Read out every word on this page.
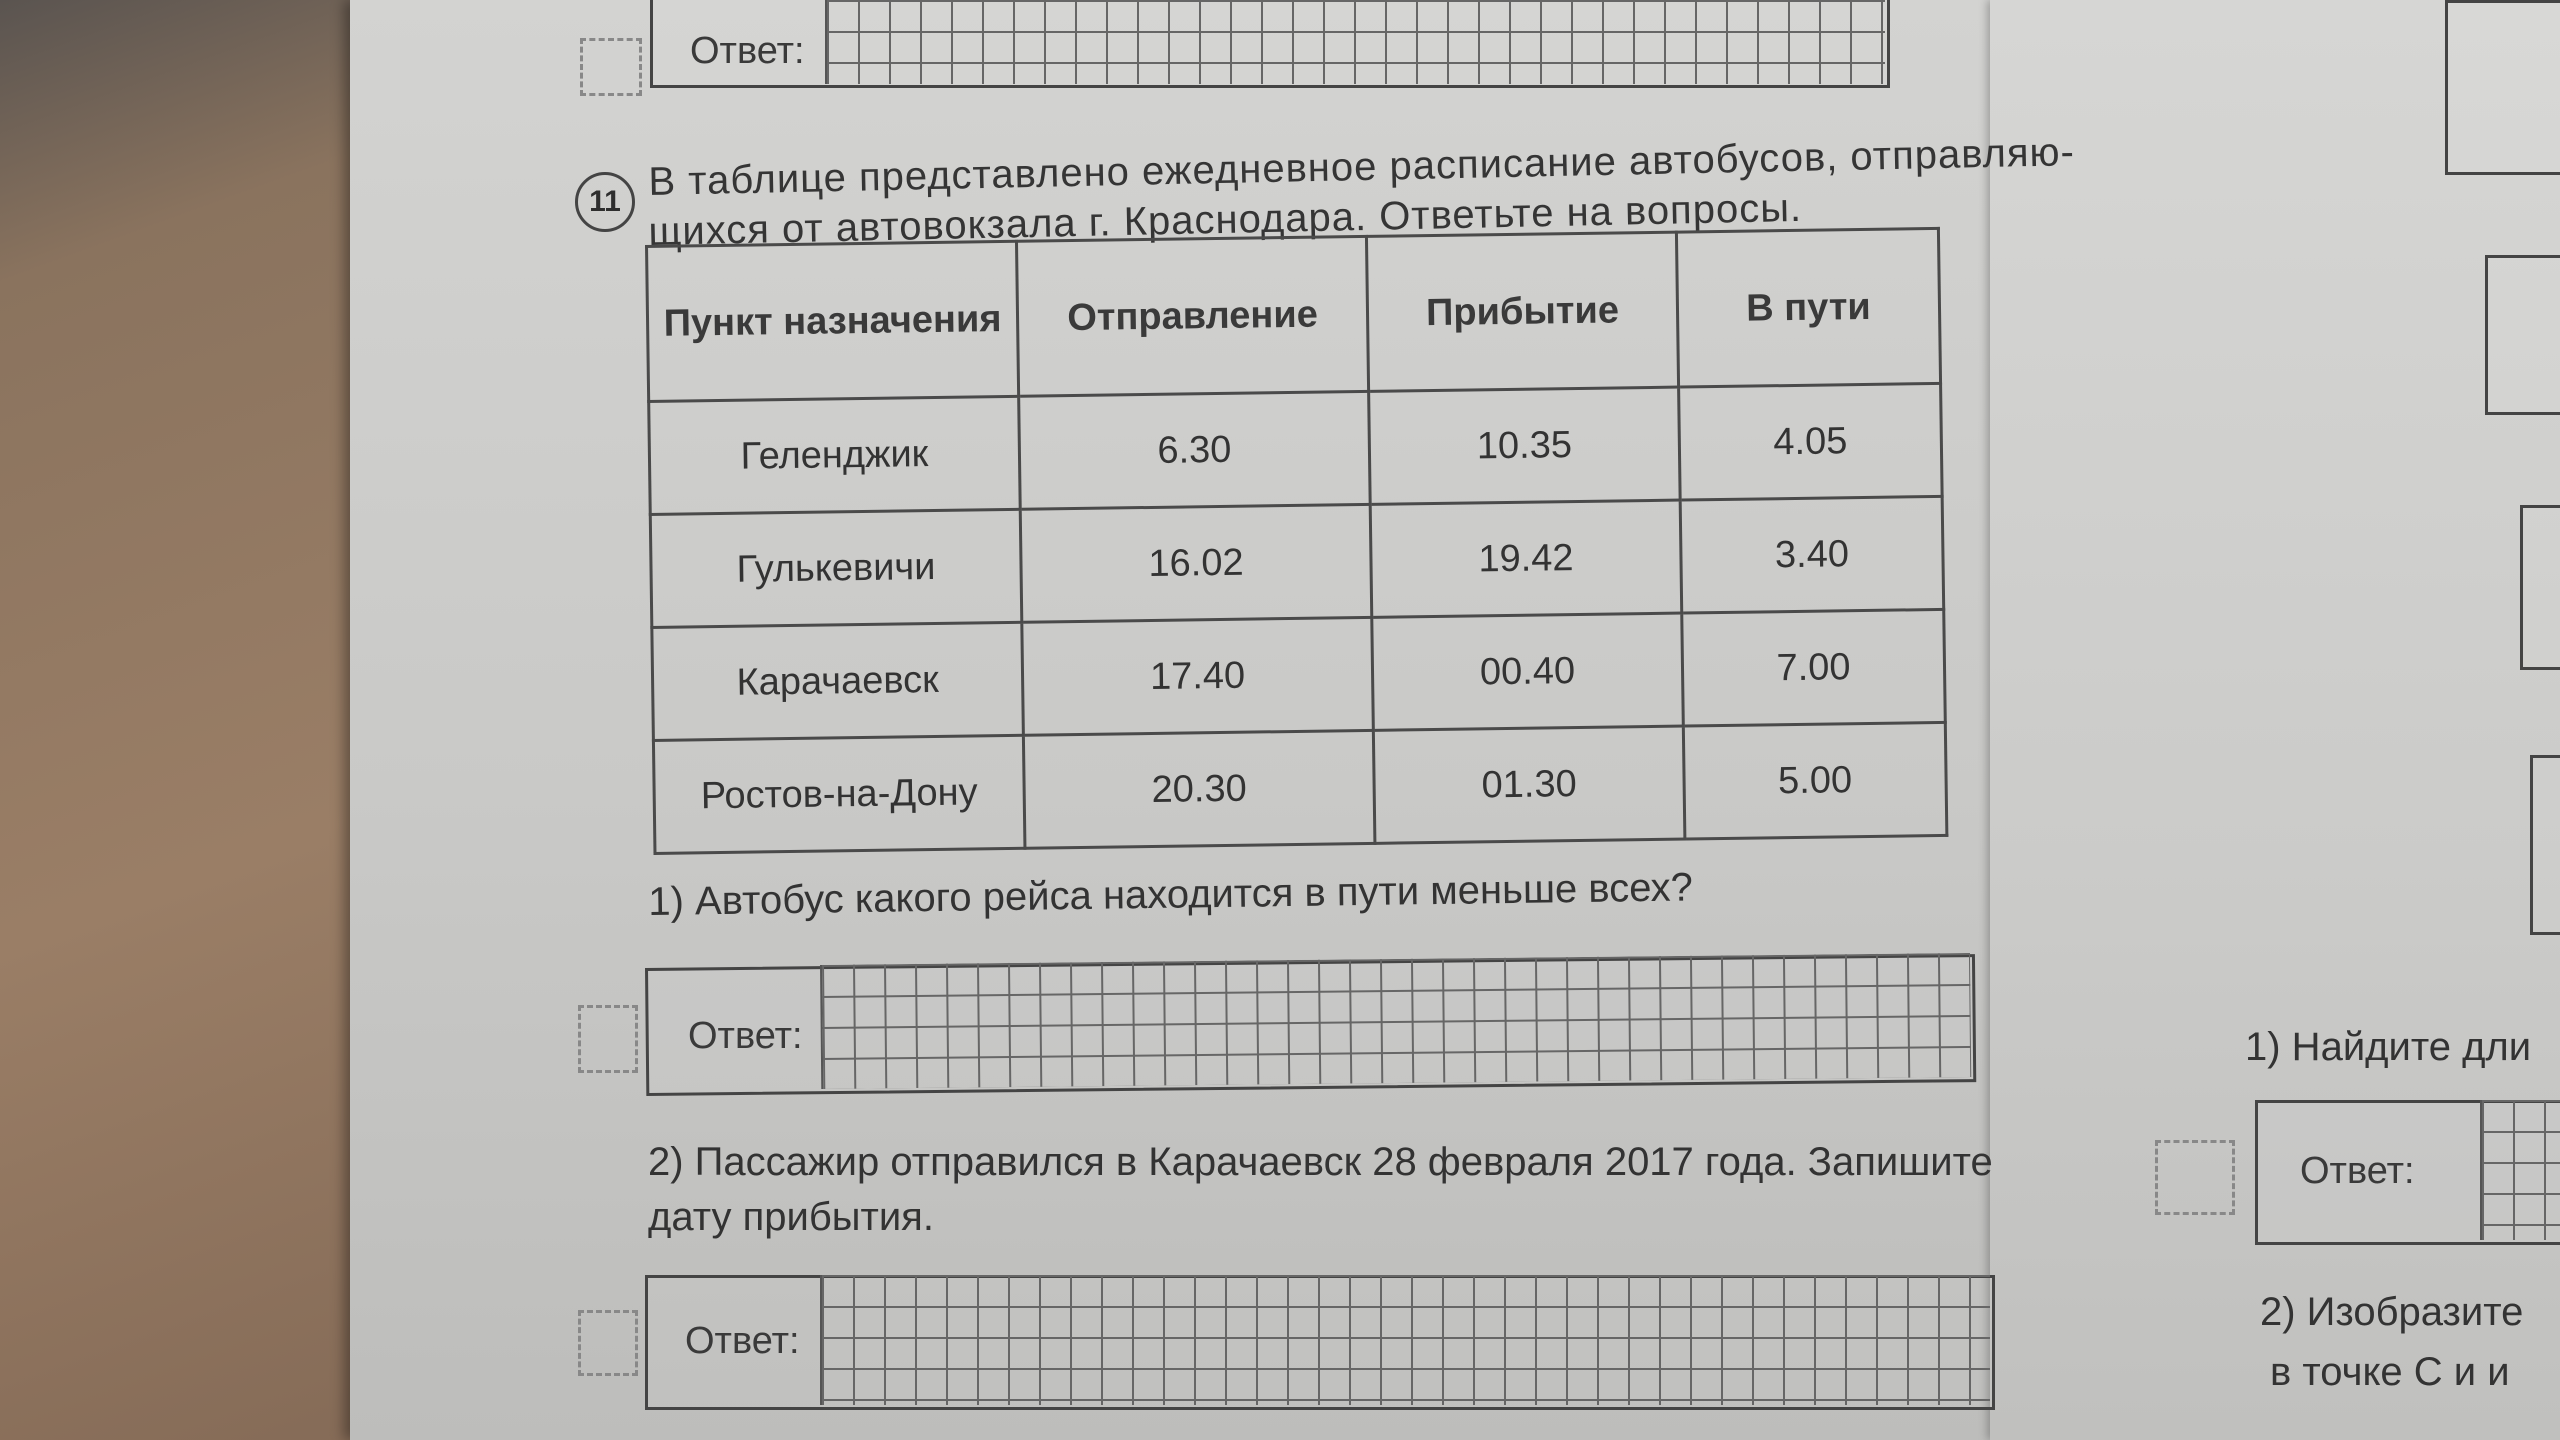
Ответ:
11 В таблице представлено ежедневное расписание автобусов, отправляю-
щихся от автовокзала г. Краснодара. Ответьте на вопросы.
Пункт назначения	Отправление	Прибытие	В пути
Геленджик	6.30	10.35	4.05
Гулькевичи	16.02	19.42	3.40
Карачаевск	17.40	00.40	7.00
Ростов-на-Дону	20.30	01.30	5.00
1) Автобус какого рейса находится в пути меньше всех?
Ответ:
2) Пассажир отправился в Карачаевск 28 февраля 2017 года. Запишите
дату прибытия.
Ответ:
1) Найдите дли
Ответ:
2) Изобразите
в точке С и и
